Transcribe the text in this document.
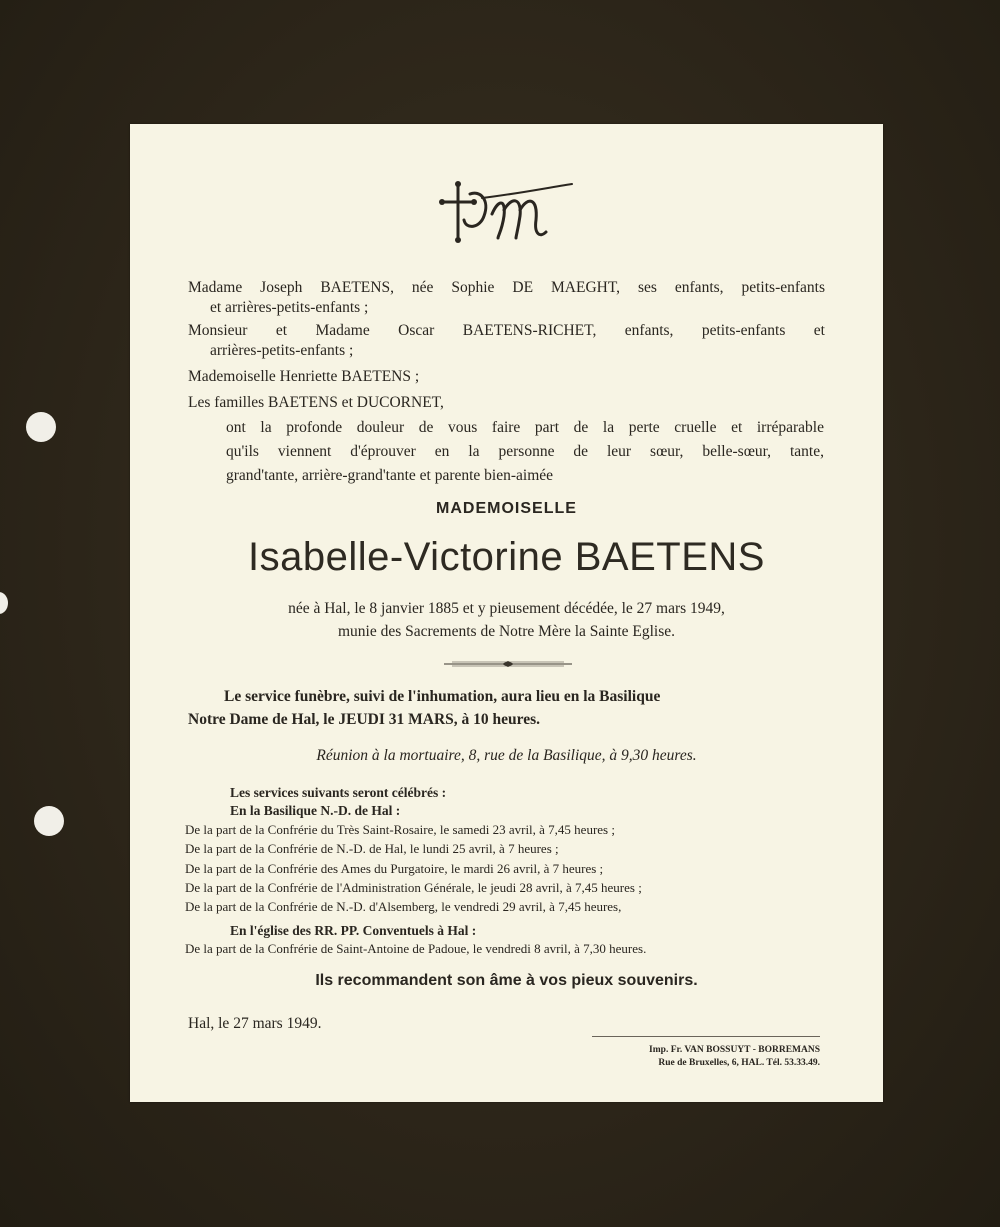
Madame Joseph BAETENS, née Sophie DE MAEGHT, ses enfants, petits-enfants
et arrières-petits-enfants ;
Monsieur et Madame Oscar BAETENS-RICHET, enfants, petits-enfants et
arrières-petits-enfants ;
Mademoiselle Henriette BAETENS ;
Les familles BAETENS et DUCORNET,
ont la profonde douleur de vous faire part de la perte cruelle et irréparable
qu'ils viennent d'éprouver en la personne de leur sœur, belle-sœur, tante,
grand'tante, arrière-grand'tante et parente bien-aimée
MADEMOISELLE
Isabelle-Victorine BAETENS
née à Hal, le 8 janvier 1885 et y pieusement décédée, le 27 mars 1949,
munie des Sacrements de Notre Mère la Sainte Eglise.
Le service funèbre, suivi de l'inhumation, aura lieu en la Basilique
Notre Dame de Hal, le JEUDI 31 MARS, à 10 heures.
Réunion à la mortuaire, 8, rue de la Basilique, à 9,30 heures.
Les services suivants seront célébrés :
En la Basilique N.-D. de Hal :
De la part de la Confrérie du Très Saint-Rosaire, le samedi 23 avril, à 7,45 heures ;
De la part de la Confrérie de N.-D. de Hal, le lundi 25 avril, à 7 heures ;
De la part de la Confrérie des Ames du Purgatoire, le mardi 26 avril, à 7 heures ;
De la part de la Confrérie de l'Administration Générale, le jeudi 28 avril, à 7,45 heures ;
De la part de la Confrérie de N.-D. d'Alsemberg, le vendredi 29 avril, à 7,45 heures,
En l'église des RR. PP. Conventuels à Hal :
De la part de la Confrérie de Saint-Antoine de Padoue, le vendredi 8 avril, à 7,30 heures.
Ils recommandent son âme à vos pieux souvenirs.
Hal, le 27 mars 1949.
Imp. Fr. VAN BOSSUYT - BORREMANS
Rue de Bruxelles, 6, HAL. Tél. 53.33.49.
